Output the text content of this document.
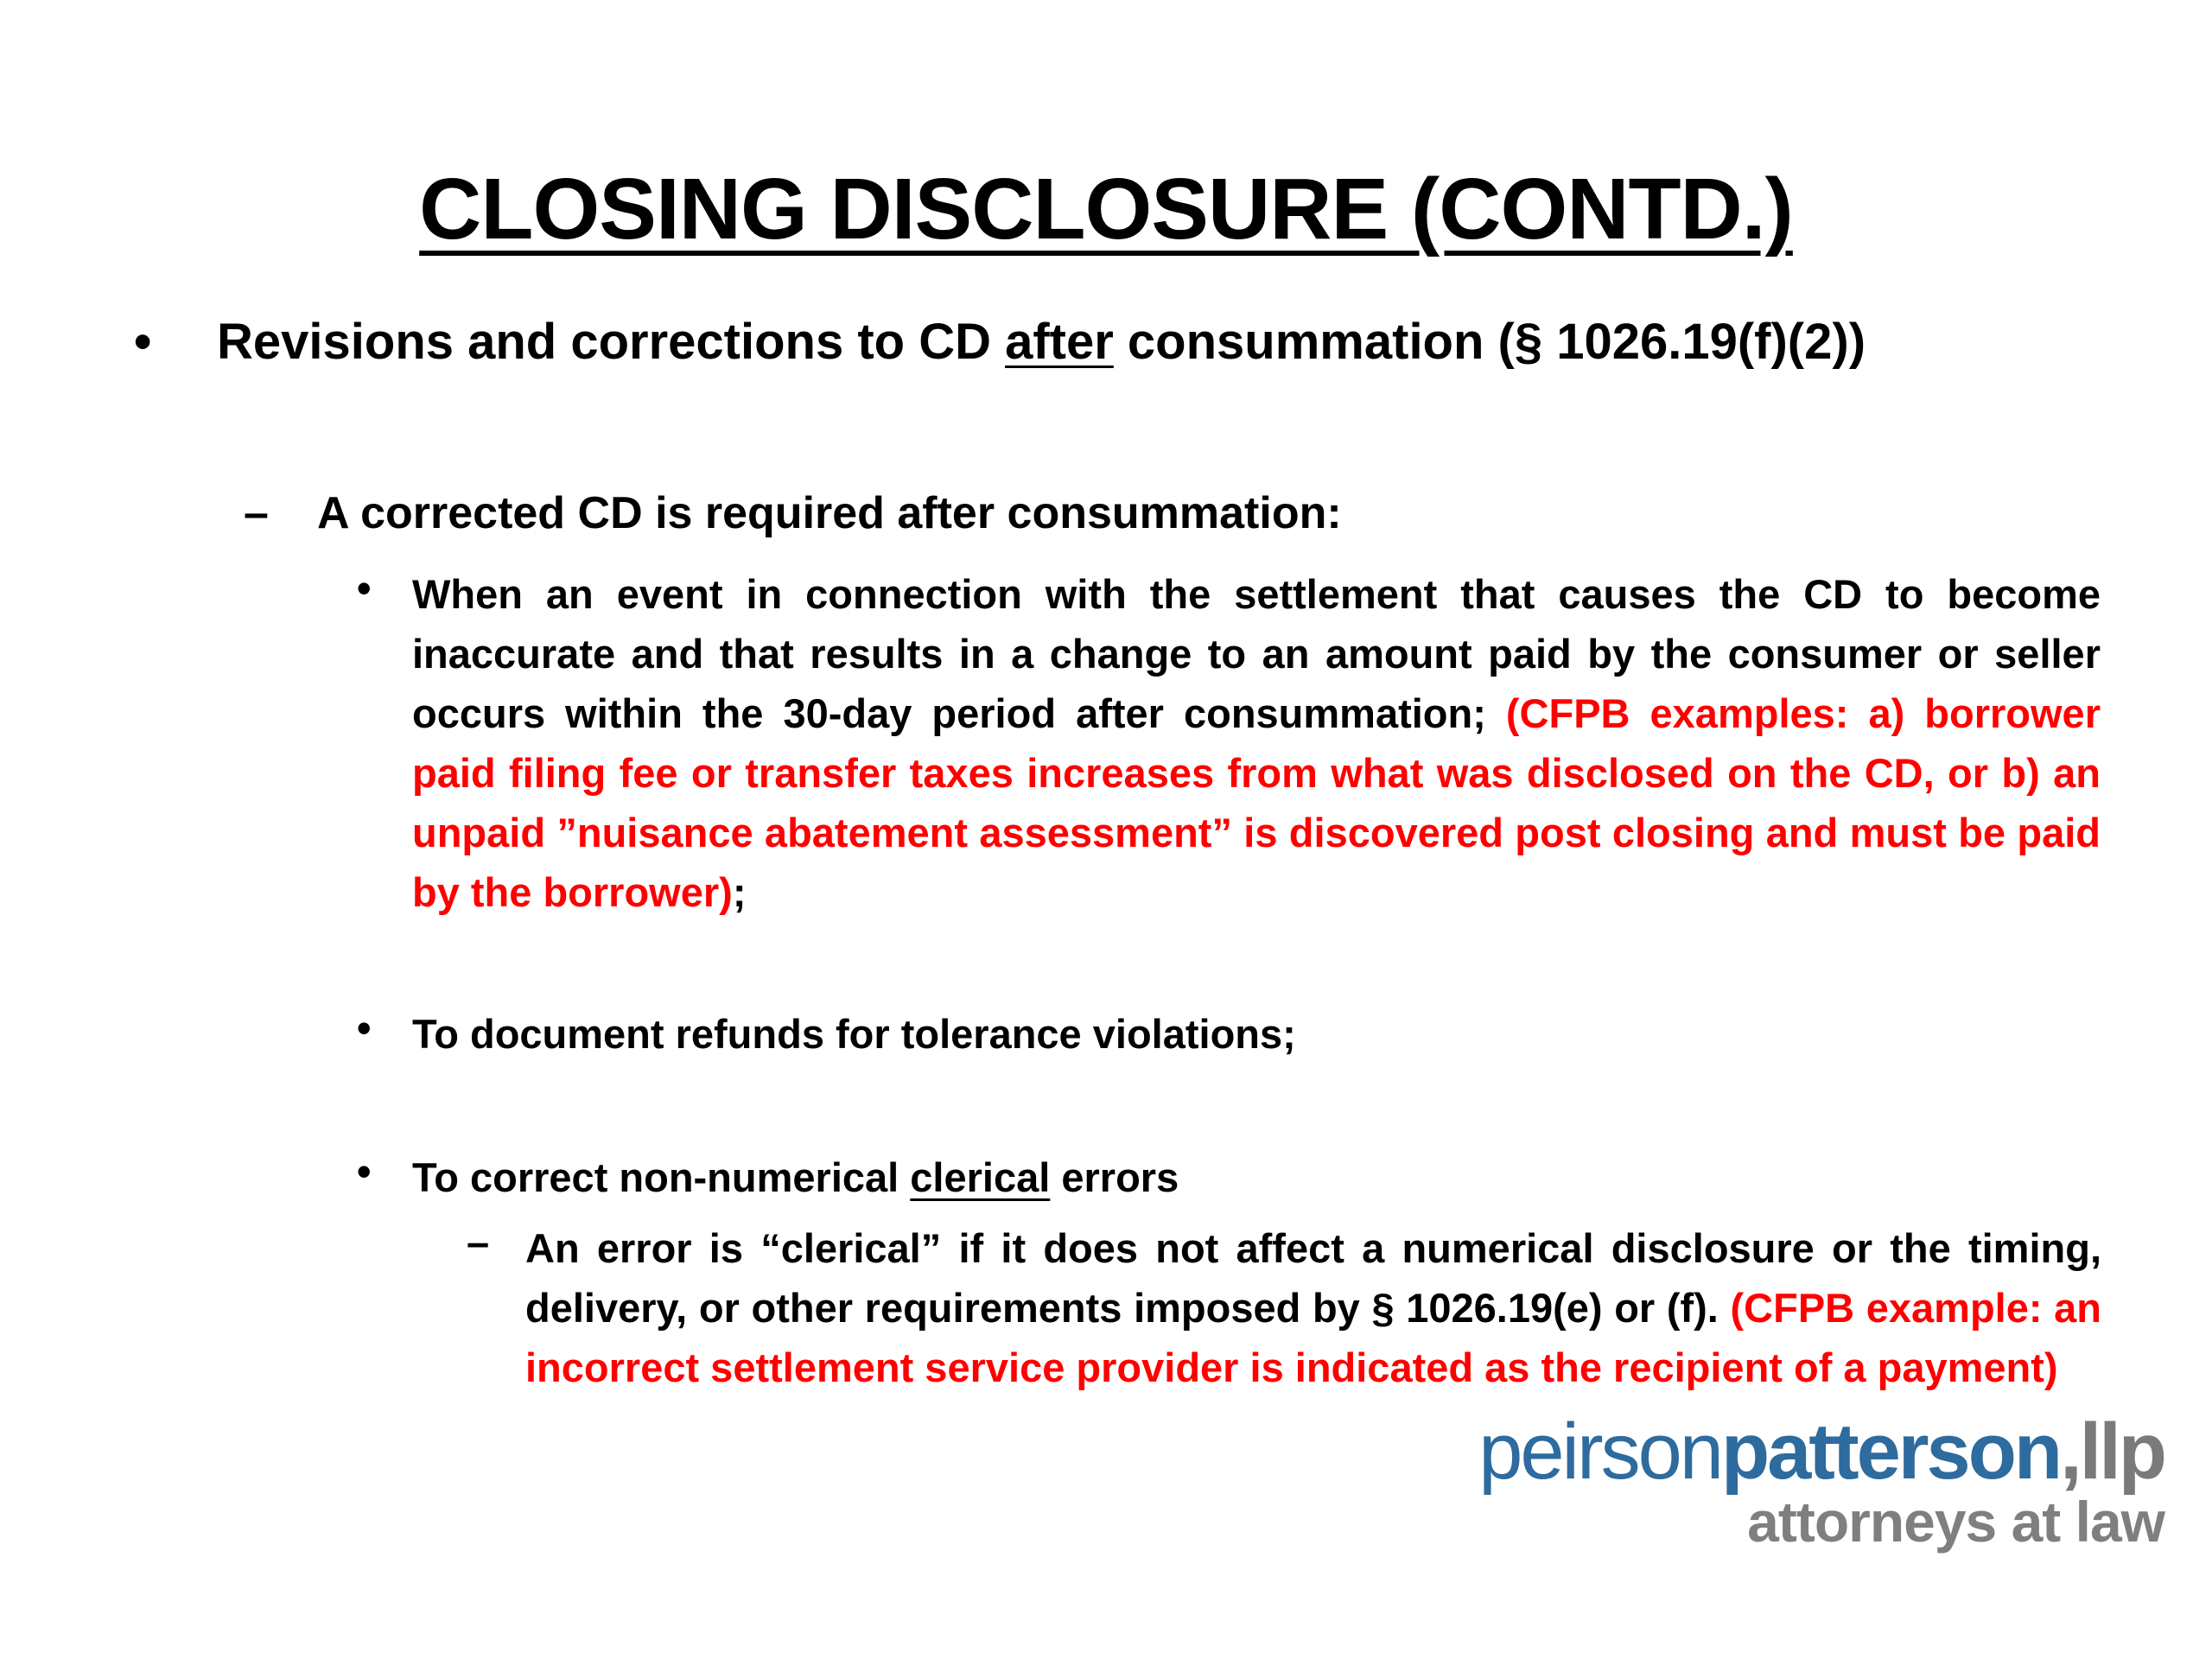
CLOSING DISCLOSURE (CONTD.)
• Revisions and corrections to CD after consummation (§ 1026.19(f)(2))
– A corrected CD is required after consummation:
• When an event in connection with the settlement that causes the CD to become inaccurate and that results in a change to an amount paid by the consumer or seller occurs within the 30-day period after consummation; (CFPB examples: a) borrower paid filing fee or transfer taxes increases from what was disclosed on the CD, or b) an unpaid ”nuisance abatement assessment” is discovered post closing and must be paid by the borrower);
• To document refunds for tolerance violations;
• To correct non-numerical clerical errors
– An error is “clerical” if it does not affect a numerical disclosure or the timing, delivery, or other requirements imposed by § 1026.19(e) or (f). (CFPB example: an incorrect settlement service provider is indicated as the recipient of a payment)
peirsonpatterson,llp
attorneys at law
